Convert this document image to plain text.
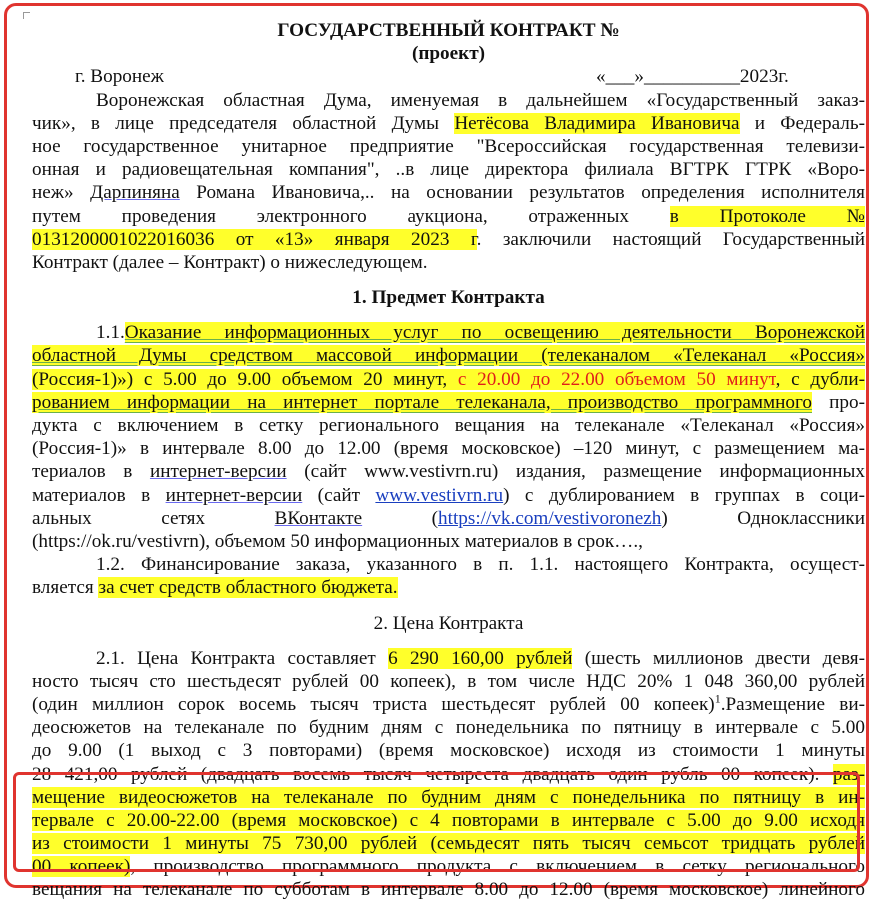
ГОСУДАРСТВЕННЫЙ КОНТРАКТ №
(проект)
г. Воронеж	«___»__________2023г.
Воронежская областная Дума, именуемая в дальнейшем «Государственный заказ-
чик», в лице председателя областной Думы Нетёсова Владимира Ивановича и Федераль-
ное государственное унитарное предприятие "Всероссийская государственная телевизи-
онная и радиовещательная компания", ..в лице директора филиала ВГТРК ГТРК «Воро-
неж» Дарпиняна Романа Ивановича,.. на основании результатов определения исполнителя
путем проведения электронного аукциона, отраженных в Протоколе №
0131200001022016036 от «13» января 2023 г. заключили настоящий Государственный
Контракт (далее – Контракт) о нижеследующем.
1. Предмет Контракта
1.1.Оказание информационных услуг по освещению деятельности Воронежской
областной Думы средством массовой информации (телеканалом «Телеканал «Россия»
(Россия-1)») с 5.00 до 9.00 объемом 20 минут, с 20.00 до 22.00 объемом 50 минут, с дубли-
рованием информации на интернет портале телеканала, производство программного про-
дукта с включением в сетку регионального вещания на телеканале «Телеканал «Россия»
(Россия-1)» в интервале 8.00 до 12.00 (время московское) –120 минут, с размещением ма-
териалов в интернет-версии (сайт www.vestivrn.ru) издания, размещение информационных
материалов в интернет-версии (сайт www.vestivrn.ru) с дублированием в группах в соци-
альных сетях ВКонтакте (https://vk.com/vestivoronezh) Одноклассники
(https://ok.ru/vestivrn), объемом 50 информационных материалов в срок….,
1.2. Финансирование заказа, указанного в п. 1.1. настоящего Контракта, осущест-
вляется за счет средств областного бюджета.
2. Цена Контракта
2.1. Цена Контракта составляет 6 290 160,00 рублей (шесть миллионов двести девя-
носто тысяч сто шестьдесят рублей 00 копеек), в том числе НДС 20% 1 048 360,00 рублей
(один миллион сорок восемь тысяч триста шестьдесят рублей 00 копеек)$^1$.Размещение ви-
деосюжетов на телеканале по будним дням с понедельника по пятницу в интервале с 5.00
до 9.00 (1 выход с 3 повторами) (время московское) исходя из стоимости 1 минуты
28 421,00 рублей (двадцать восемь тысяч четыреста двадцать один рубль 00 копеек). раз-
мещение видеосюжетов на телеканале по будним дням с понедельника по пятницу в ин-
тервале с 20.00-22.00 (время московское) с 4 повторами в интервале с 5.00 до 9.00 исходя
из стоимости 1 минуты 75 730,00 рублей (семьдесят пять тысяч семьсот тридцать рублей
00 копеек), производство программного продукта с включением в сетку регионального
вещания на телеканале по субботам в интервале 8.00 до 12.00 (время московское) линейного
